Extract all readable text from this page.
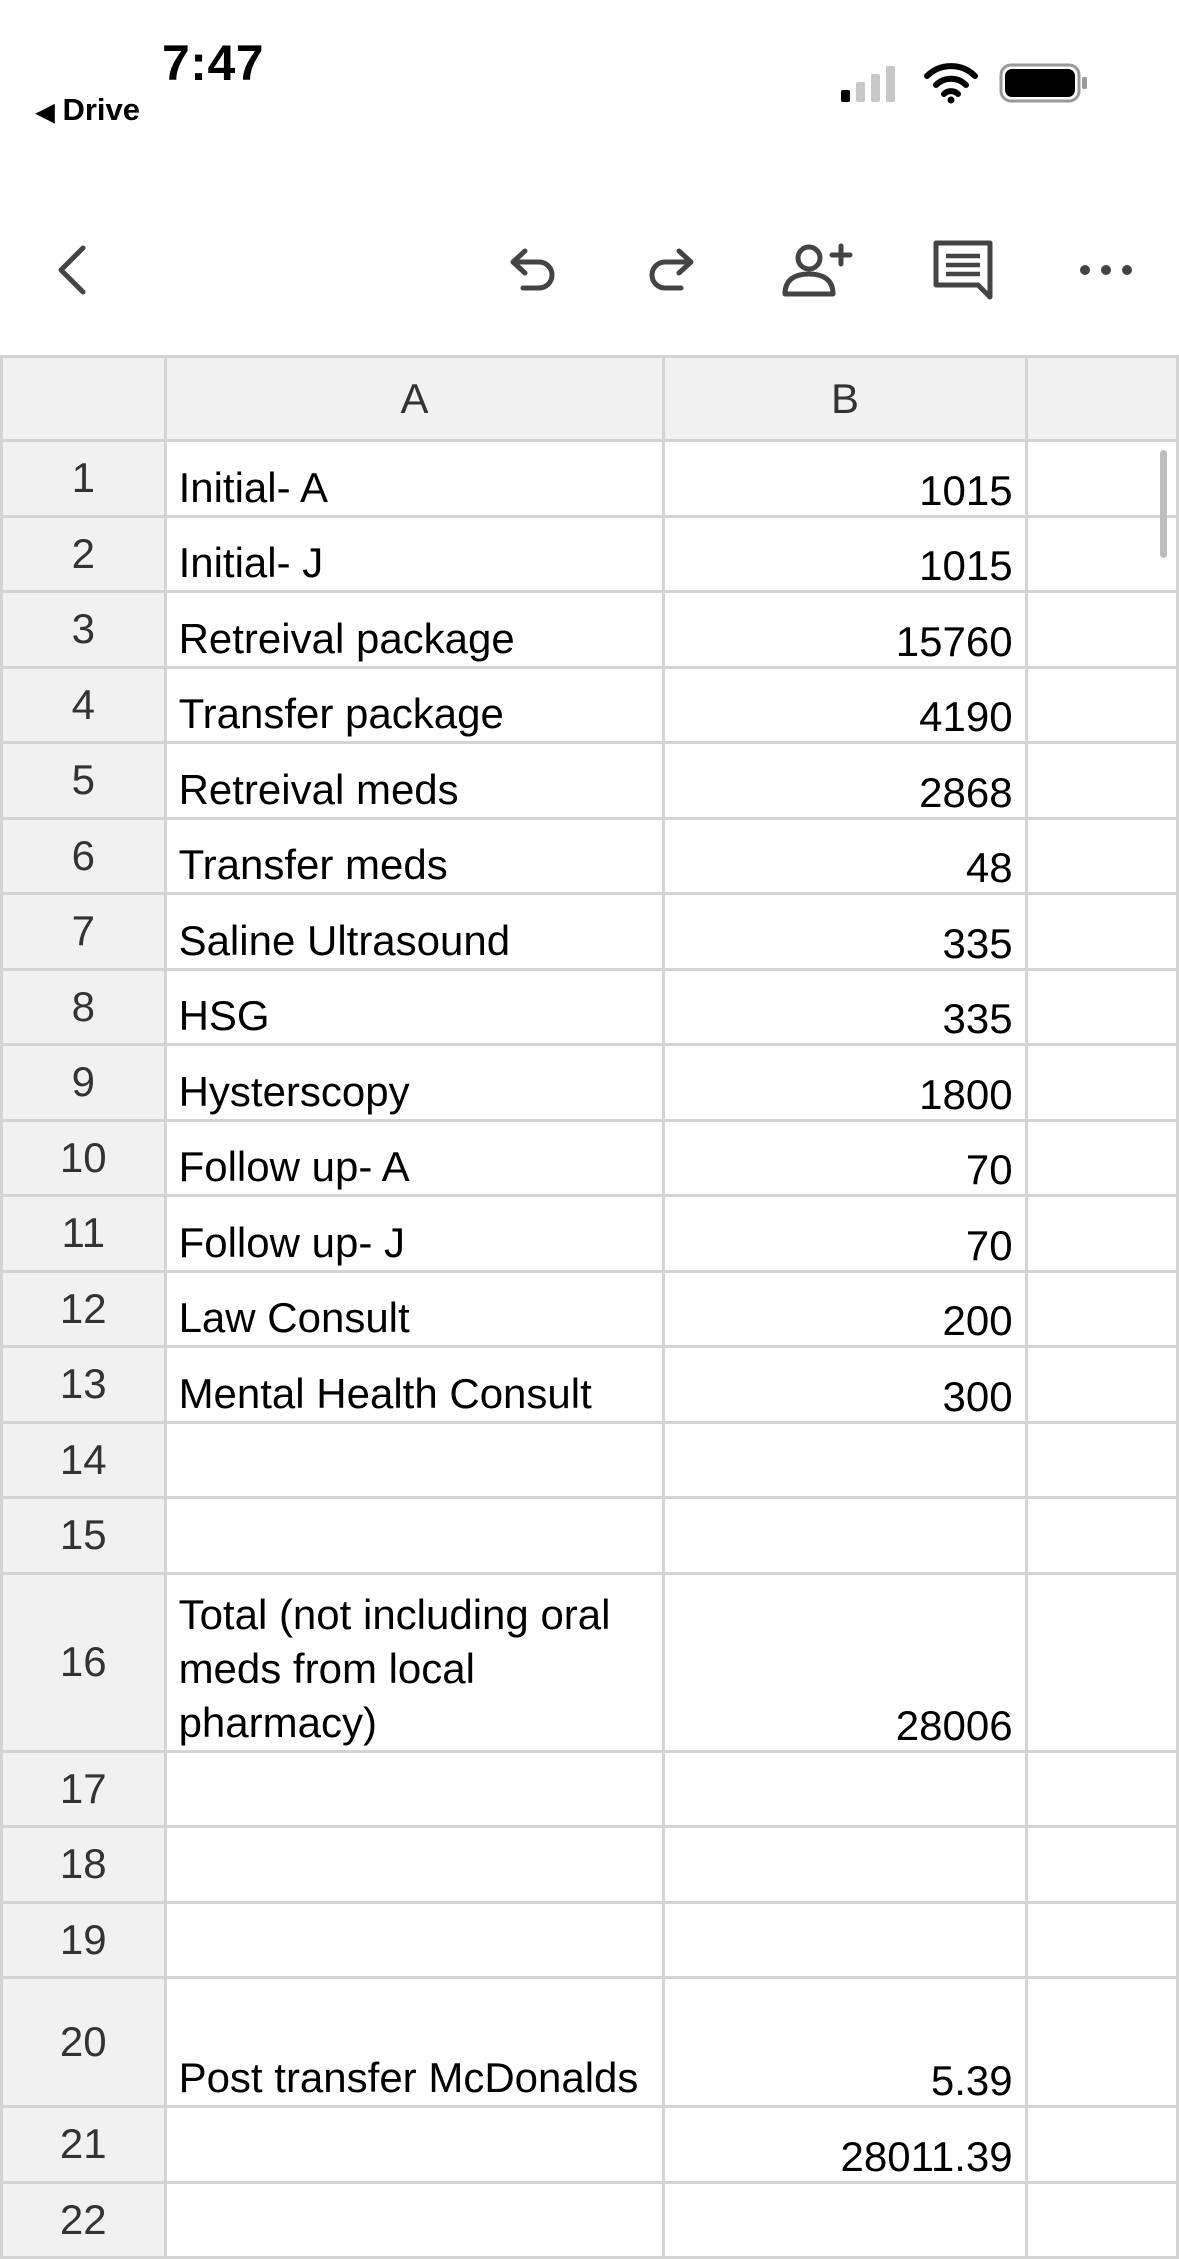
7:47
◀ Drive
	A	B	
1	Initial- A	1015	
2	Initial- J	1015	
3	Retreival package	15760	
4	Transfer package	4190	
5	Retreival meds	2868	
6	Transfer meds	48	
7	Saline Ultrasound	335	
8	HSG	335	
9	Hysterscopy	1800	
10	Follow up- A	70	
11	Follow up- J	70	
12	Law Consult	200	
13	Mental Health Consult	300	
14			
15			
16	Total (not including oral meds from local pharmacy)	28006	
17			
18			
19			
20	Post transfer McDonalds	5.39	
21		28011.39	
22			
